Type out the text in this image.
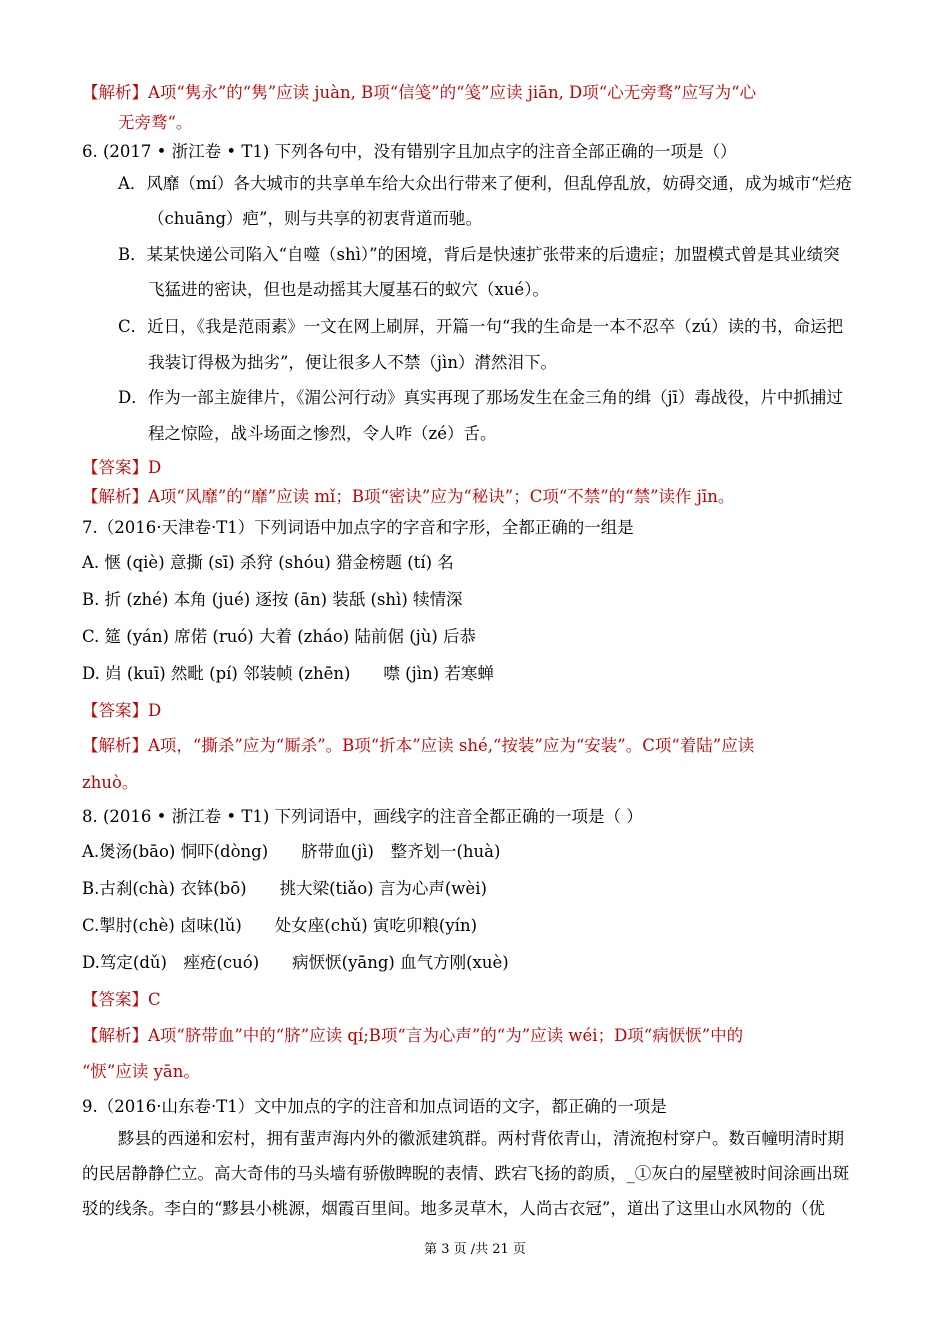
【解析】A项“隽永”的“隽”应读 juàn, B项“信笺”的“笺”应读 jiān, D项“心无旁骛”应写为“心
无旁骛“。
6. (2017 • 浙江卷 • T1) 下列各句中，没有错别字且加点字的注音全部正确的一项是（）
A．风靡（mí）各大城市的共享单车给大众出行带来了便利，但乱停乱放，妨碍交通，成为城市“烂疮
（chuāng）疤”，则与共享的初衷背道而驰。
B．某某快递公司陷入“自噬（shì）”的困境，背后是快速扩张带来的后遗症；加盟模式曾是其业绩突
飞猛进的密诀，但也是动摇其大厦基石的蚁穴（xué）。
C．近日，《我是范雨素》一文在网上刷屏，开篇一句“我的生命是一本不忍卒（zú）读的书，命运把
我装订得极为拙劣”，便让很多人不禁（jìn）潸然泪下。
D．作为一部主旋律片，《湄公河行动》真实再现了那场发生在金三角的缉（jī）毒战役，片中抓捕过
程之惊险，战斗场面之惨烈，令人咋（zé）舌。
【答案】D
【解析】A项“风靡”的“靡”应读 mǐ；B项“密诀”应为“秘诀”；C项“不禁”的“禁”读作 jīn。
7.（2016·天津卷·T1）下列词语中加点字的字音和字形，全都正确的一组是
A. 惬 (qiè) 意撕 (sī) 杀狩 (shóu) 猎金榜题 (tí) 名
B. 折 (zhé) 本角 (jué) 逐按 (ān) 装舐 (shì) 犊情深
C. 筵 (yán) 席偌 (ruó) 大着 (zháo) 陆前倨 (jù) 后恭
D. 岿 (kuī) 然毗 (pí) 邻装帧 (zhēn)　　噤 (jìn) 若寒蝉
【答案】D
【解析】A项，“撕杀”应为“厮杀”。B项“折本”应读 shé,“按装”应为“安装”。C项“着陆”应读
zhuò。
8. (2016 • 浙江卷 • T1) 下列词语中，画线字的注音全都正确的一项是（ ）
A.煲汤(bāo) 恫吓(dòng)　　脐带血(jì)　整齐划一(huà)
B.古刹(chà) 衣钵(bō)　　挑大梁(tiǎo) 言为心声(wèi)
C.掣肘(chè) 卤味(lǔ)　　处女座(chǔ) 寅吃卯粮(yín)
D.笃定(dǔ)　痤疮(cuó)　　病恹恹(yāng) 血气方刚(xuè)
【答案】C
【解析】A项“脐带血”中的“脐”应读 qí;B项“言为心声”的“为”应读 wéi；D项“病恹恹”中的
“恹”应读 yān。
9.（2016·山东卷·T1）文中加点的字的注音和加点词语的文字，都正确的一项是
黟县的西递和宏村，拥有蜚声海内外的徽派建筑群。两村背依青山，清流抱村穿户。数百幢明清时期
的民居静静伫立。高大奇伟的马头墙有骄傲睥睨的表情、跌宕飞扬的韵质，_①灰白的屋壁被时间涂画出斑
驳的线条。李白的“黟县小桃源，烟霞百里间。地多灵草木，人尚古衣冠”，道出了这里山水风物的（优
第 3 页 /共 21 页
